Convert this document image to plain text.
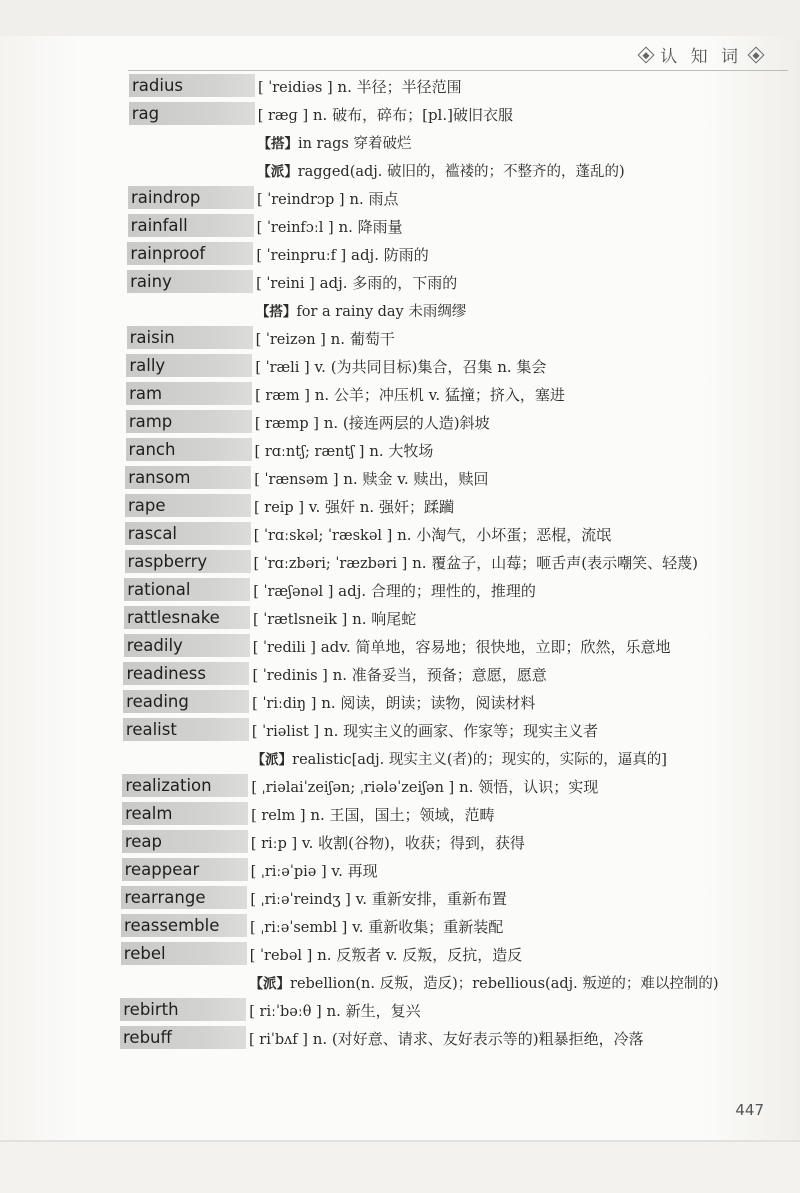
认 知 词
radius	[ ˈreidiəs ] n. 半径；半径范围
rag	[ ræɡ ] n. 破布，碎布；[pl.]破旧衣服
【搭】in rags 穿着破烂
【派】ragged(adj. 破旧的，褴褛的；不整齐的，蓬乱的)
raindrop	[ ˈreindrɔp ] n. 雨点
rainfall	[ ˈreinfɔːl ] n. 降雨量
rainproof	[ ˈreinpruːf ] adj. 防雨的
rainy	[ ˈreini ] adj. 多雨的，下雨的
【搭】for a rainy day 未雨绸缪
raisin	[ ˈreizən ] n. 葡萄干
rally	[ ˈræli ] v. (为共同目标)集合，召集 n. 集会
ram	[ ræm ] n. 公羊；冲压机 v. 猛撞；挤入，塞进
ramp	[ ræmp ] n. (接连两层的人造)斜坡
ranch	[ rɑːntʃ; ræntʃ ] n. 大牧场
ransom	[ ˈrænsəm ] n. 赎金 v. 赎出，赎回
rape	[ reip ] v. 强奸 n. 强奸；蹂躏
rascal	[ ˈrɑːskəl; ˈræskəl ] n. 小淘气，小坏蛋；恶棍，流氓
raspberry	[ ˈrɑːzbəri; ˈræzbəri ] n. 覆盆子，山莓；咂舌声(表示嘲笑、轻蔑)
rational	[ ˈræʃənəl ] adj. 合理的；理性的，推理的
rattlesnake	[ ˈrætlsneik ] n. 响尾蛇
readily	[ ˈredili ] adv. 简单地，容易地；很快地，立即；欣然，乐意地
readiness	[ ˈredinis ] n. 准备妥当，预备；意愿，愿意
reading	[ ˈriːdiŋ ] n. 阅读，朗读；读物，阅读材料
realist	[ ˈriəlist ] n. 现实主义的画家、作家等；现实主义者
【派】realistic[adj. 现实主义(者)的；现实的，实际的，逼真的]
realization	[ ˌriəlaiˈzeiʃən; ˌriələˈzeiʃən ] n. 领悟，认识；实现
realm	[ relm ] n. 王国，国土；领域，范畴
reap	[ riːp ] v. 收割(谷物)，收获；得到，获得
reappear	[ ˌriːəˈpiə ] v. 再现
rearrange	[ ˌriːəˈreindʒ ] v. 重新安排，重新布置
reassemble	[ ˌriːəˈsembl ] v. 重新收集；重新装配
rebel	[ ˈrebəl ] n. 反叛者 v. 反叛，反抗，造反
【派】rebellion(n. 反叛，造反)；rebellious(adj. 叛逆的；难以控制的)
rebirth	[ riːˈbəːθ ] n. 新生，复兴
rebuff	[ riˈbʌf ] n. (对好意、请求、友好表示等的)粗暴拒绝，冷落
447
